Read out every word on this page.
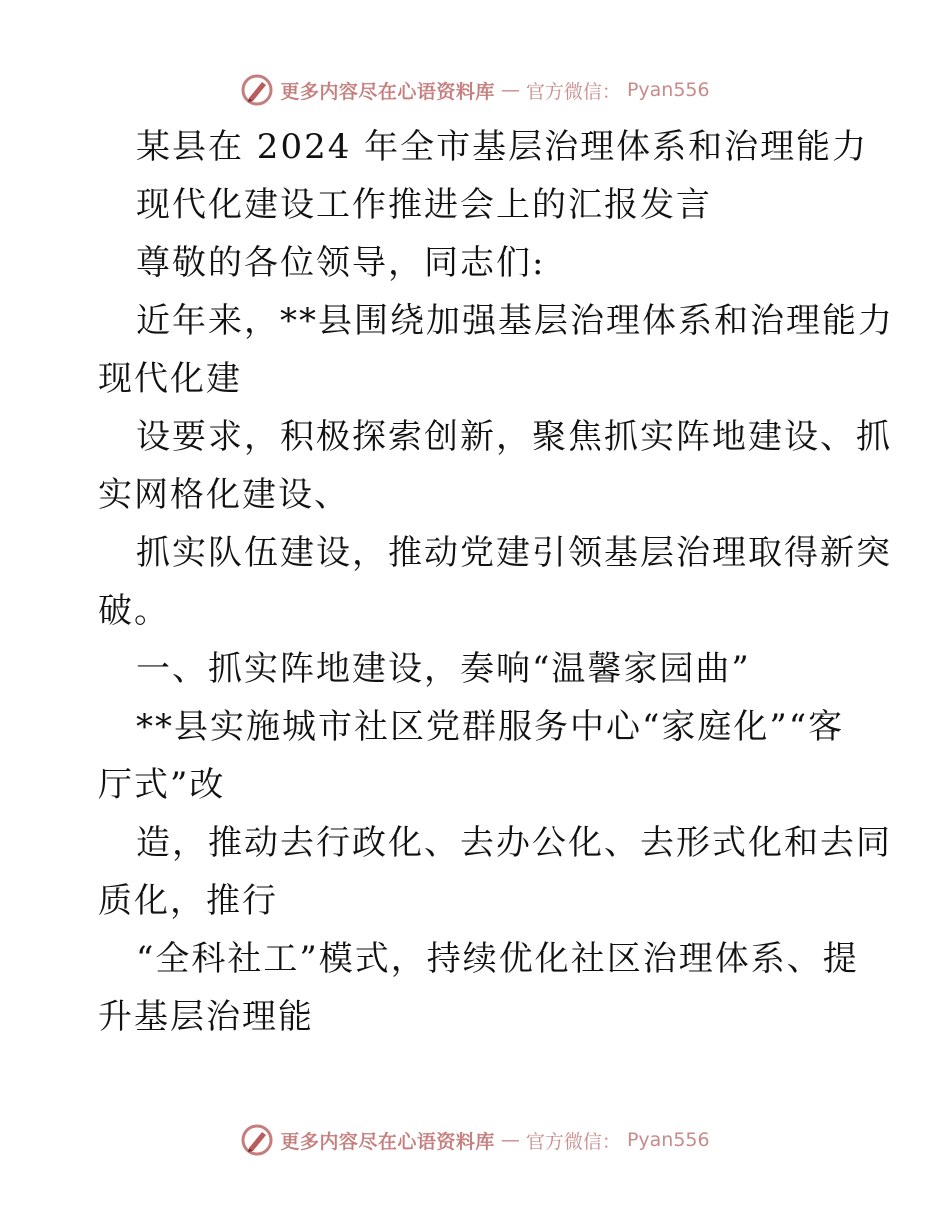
更多内容尽在心语资料库 — 官方微信： Pyan556
某县在 2024 年全市基层治理体系和治理能力
现代化建设工作推进会上的汇报发言
尊敬的各位领导，同志们:
近年来，**县围绕加强基层治理体系和治理能力
现代化建
设要求，积极探索创新，聚焦抓实阵地建设、抓
实网格化建设、
抓实队伍建设，推动党建引领基层治理取得新突
破。
一、抓实阵地建设，奏响“温馨家园曲”
**县实施城市社区党群服务中心“家庭化”“客
厅式”改
造，推动去行政化、去办公化、去形式化和去同
质化，推行
“全科社工”模式，持续优化社区治理体系、提
升基层治理能
更多内容尽在心语资料库 — 官方微信： Pyan556
